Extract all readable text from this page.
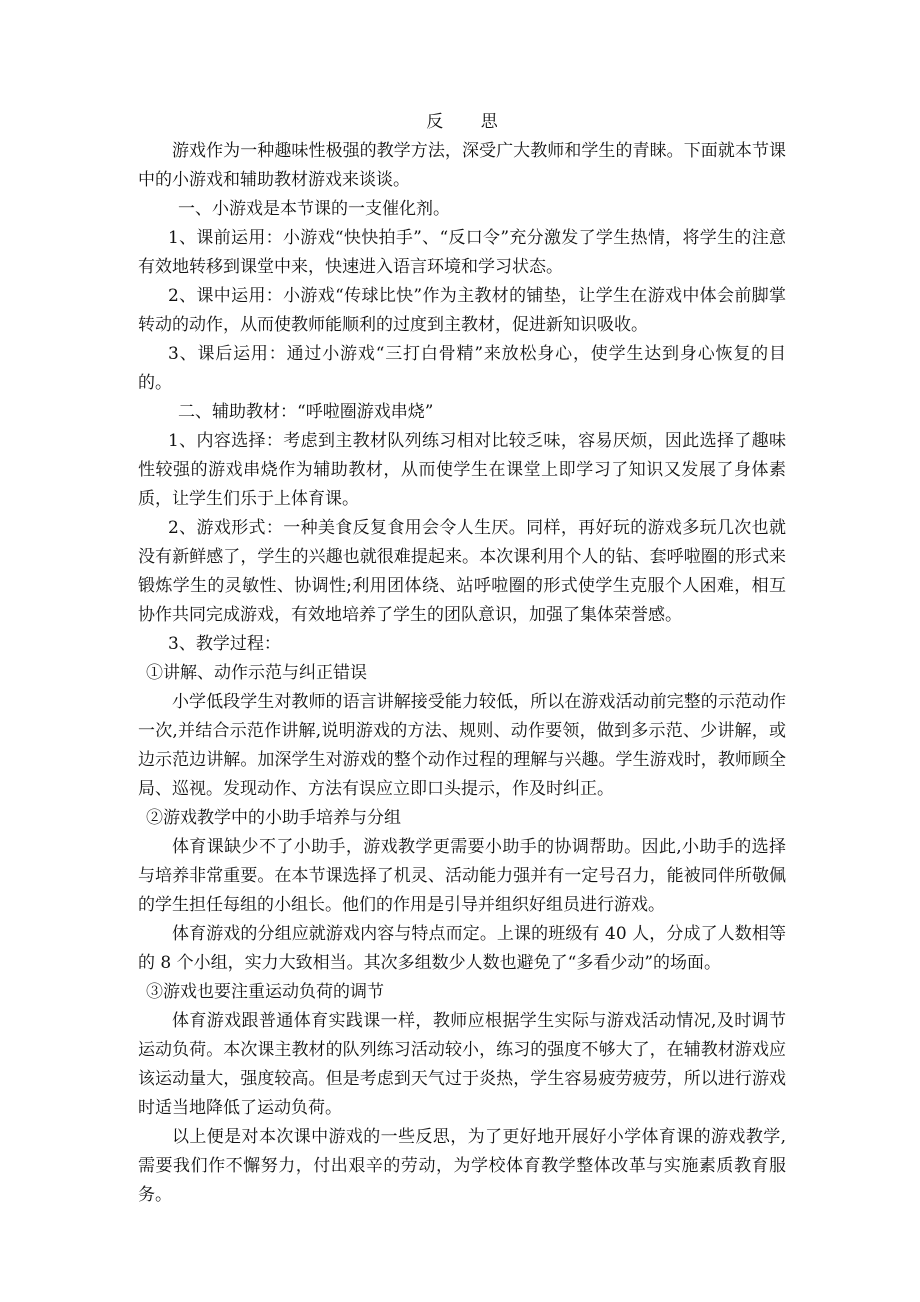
反 思

游戏作为一种趣味性极强的教学方法，深受广大教师和学生的青睐。下面就本节课中的小游戏和辅助教材游戏来谈谈。

一、小游戏是本节课的一支催化剂。

1、课前运用：小游戏“快快拍手”、“反口令”充分激发了学生热情，将学生的注意有效地转移到课堂中来，快速进入语言环境和学习状态。

2、课中运用：小游戏“传球比快”作为主教材的铺垫，让学生在游戏中体会前脚掌转动的动作，从而使教师能顺利的过度到主教材，促进新知识吸收。

3、课后运用：通过小游戏“三打白骨精”来放松身心，使学生达到身心恢复的目的。

二、辅助教材：“呼啦圈游戏串烧”

1、内容选择：考虑到主教材队列练习相对比较乏味，容易厌烦，因此选择了趣味性较强的游戏串烧作为辅助教材，从而使学生在课堂上即学习了知识又发展了身体素质，让学生们乐于上体育课。

2、游戏形式：一种美食反复食用会令人生厌。同样，再好玩的游戏多玩几次也就没有新鲜感了，学生的兴趣也就很难提起来。本次课利用个人的钻、套呼啦圈的形式来锻炼学生的灵敏性、协调性;利用团体绕、站呼啦圈的形式使学生克服个人困难，相互协作共同完成游戏，有效地培养了学生的团队意识，加强了集体荣誉感。

3、教学过程：

①讲解、动作示范与纠正错误

小学低段学生对教师的语言讲解接受能力较低，所以在游戏活动前完整的示范动作一次,并结合示范作讲解,说明游戏的方法、规则、动作要领，做到多示范、少讲解，或边示范边讲解。加深学生对游戏的整个动作过程的理解与兴趣。学生游戏时，教师顾全局、巡视。发现动作、方法有误应立即口头提示，作及时纠正。

②游戏教学中的小助手培养与分组

体育课缺少不了小助手，游戏教学更需要小助手的协调帮助。因此,小助手的选择与培养非常重要。在本节课选择了机灵、活动能力强并有一定号召力，能被同伴所敬佩的学生担任每组的小组长。他们的作用是引导并组织好组员进行游戏。

体育游戏的分组应就游戏内容与特点而定。上课的班级有 40 人，分成了人数相等的 8 个小组，实力大致相当。其次多组数少人数也避免了“多看少动”的场面。

③游戏也要注重运动负荷的调节

体育游戏跟普通体育实践课一样，教师应根据学生实际与游戏活动情况,及时调节运动负荷。本次课主教材的队列练习活动较小，练习的强度不够大了，在辅教材游戏应该运动量大，强度较高。但是考虑到天气过于炎热，学生容易疲劳疲劳，所以进行游戏时适当地降低了运动负荷。

以上便是对本次课中游戏的一些反思，为了更好地开展好小学体育课的游戏教学,需要我们作不懈努力，付出艰辛的劳动，为学校体育教学整体改革与实施素质教育服务。
